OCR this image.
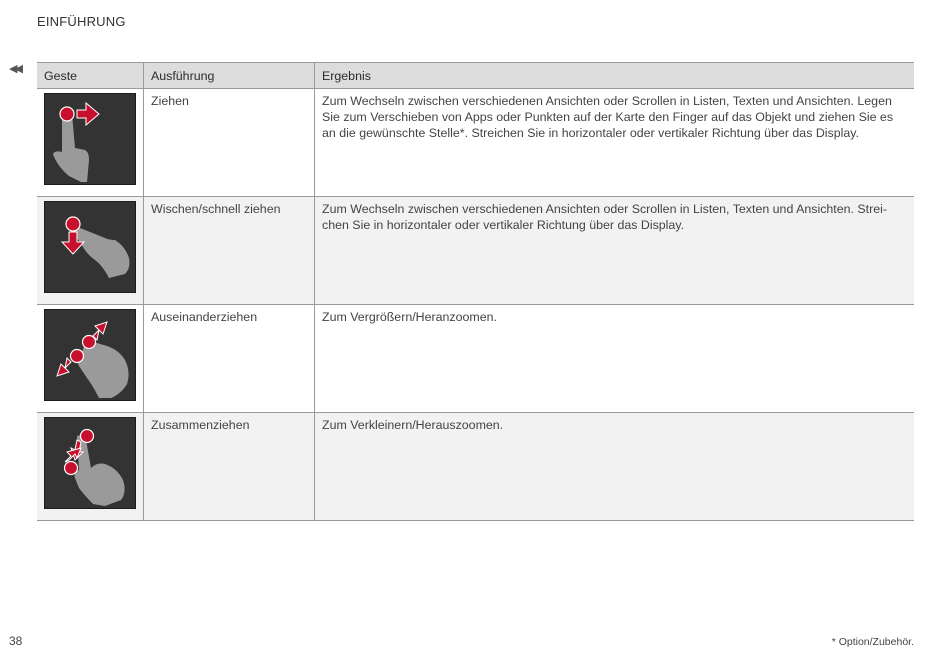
EINFÜHRUNG
◀◀ Geste	Ausführung	Ergebnis

	Ziehen	Zum Wechseln zwischen verschiedenen Ansichten oder Scrollen in Listen, Texten und Ansichten. Legen Sie zum Verschieben von Apps oder Punkten auf der Karte den Finger auf das Objekt und ziehen Sie es an die gewünschte Stelle*. Streichen Sie in horizontaler oder vertikaler Richtung über das Display.

	Wischen/schnell ziehen	Zum Wechseln zwischen verschiedenen Ansichten oder Scrollen in Listen, Texten und Ansichten. Strei-chen Sie in horizontaler oder vertikaler Richtung über das Display.

	Auseinanderziehen	Zum Vergrößern/Heranzoomen.

	Zusammenziehen	Zum Verkleinern/Herauszoomen.
38	* Option/Zubehör.
